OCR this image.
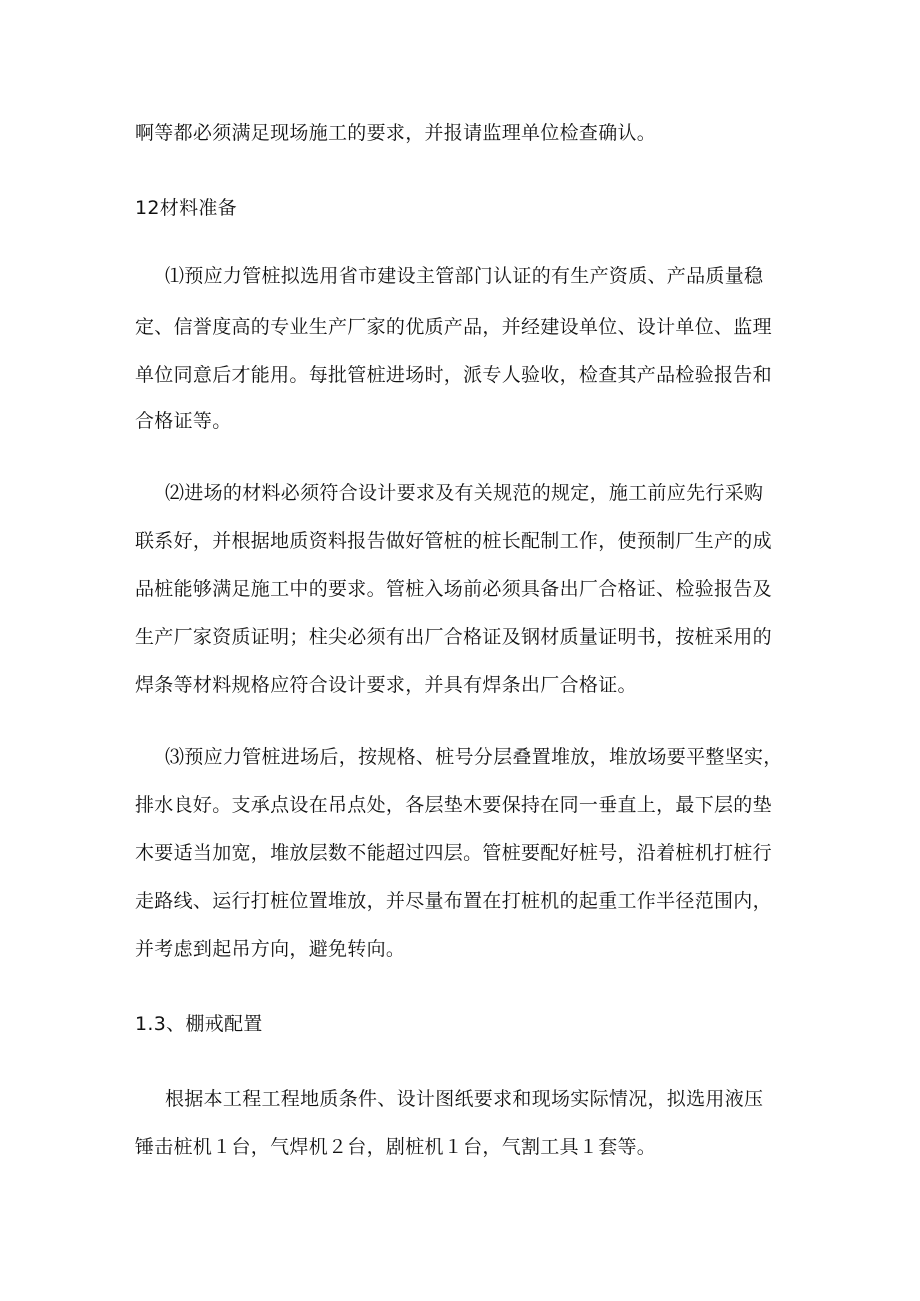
啊等都必须满足现场施工的要求，并报请监理单位检查确认。
12材料准备
⑴预应力管桩拟选用省市建设主管部门认证的有生产资质、产品质量稳
定、信誉度高的专业生产厂家的优质产品，并经建设单位、设计单位、监理
单位同意后才能用。每批管桩进场时，派专人验收，检查其产品检验报告和
合格证等。
⑵进场的材料必须符合设计要求及有关规范的规定，施工前应先行采购
联系好，并根据地质资料报告做好管桩的桩长配制工作，使预制厂生产的成
品桩能够满足施工中的要求。管桩入场前必须具备出厂合格证、检验报告及
生产厂家资质证明；柱尖必须有出厂合格证及钢材质量证明书，按桩采用的
焊条等材料规格应符合设计要求，并具有焊条出厂合格证。
⑶预应力管桩进场后，按规格、桩号分层叠置堆放，堆放场要平整坚实，
排水良好。支承点设在吊点处，各层垫木要保持在同一垂直上，最下层的垫
木要适当加宽，堆放层数不能超过四层。管桩要配好桩号，沿着桩机打桩行
走路线、运行打桩位置堆放，并尽量布置在打桩机的起重工作半径范围内，
并考虑到起吊方向，避免转向。
1.3、棚戒配置
根据本工程工程地质条件、设计图纸要求和现场实际情况，拟选用液压
锤击桩机１台，气焊机２台，剧桩机１台，气割工具１套等。
